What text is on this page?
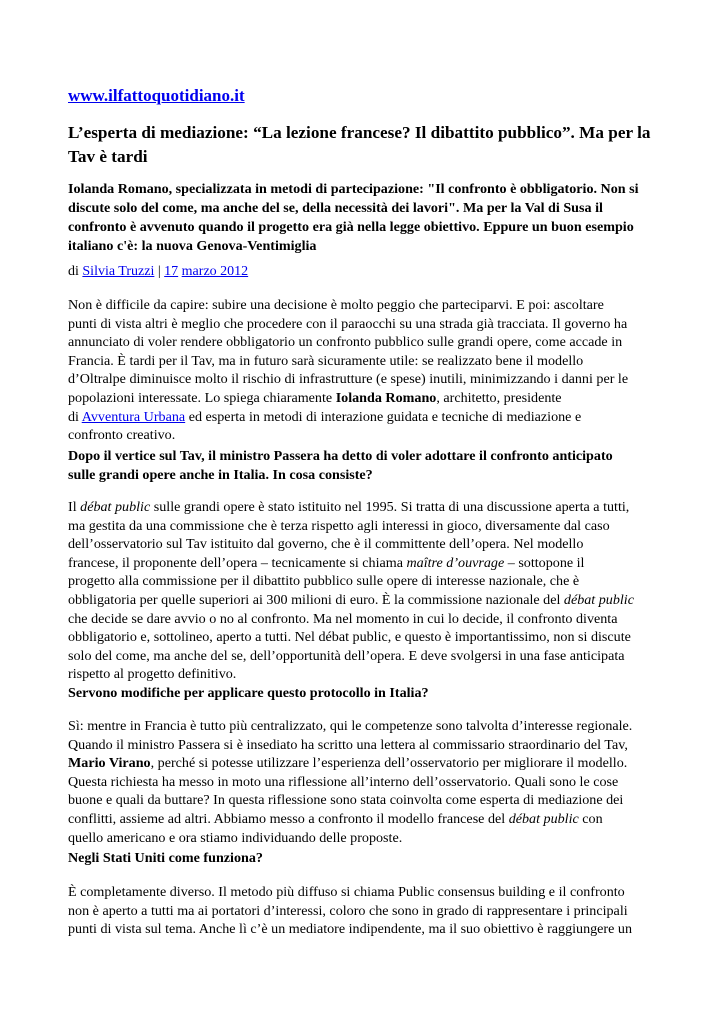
www.ilfattoquotidiano.it
L’esperta di mediazione: “La lezione francese? Il dibattito pubblico”. Ma per la Tav è tardi
Iolanda Romano, specializzata in metodi di partecipazione: "Il confronto è obbligatorio. Non si discute solo del come, ma anche del se, della necessità dei lavori". Ma per la Val di Susa il confronto è avvenuto quando il progetto era già nella legge obiettivo. Eppure un buon esempio italiano c'è: la nuova Genova-Ventimiglia
di Silvia Truzzi | 17 marzo 2012
Non è difficile da capire: subire una decisione è molto peggio che parteciparvi. E poi: ascoltare
punti di vista altri è meglio che procedere con il paraocchi su una strada già tracciata. Il governo ha
annunciato di voler rendere obbligatorio un confronto pubblico sulle grandi opere, come accade in
Francia. È tardi per il Tav, ma in futuro sarà sicuramente utile: se realizzato bene il modello
d’Oltralpe diminuisce molto il rischio di infrastrutture (e spese) inutili, minimizzando i danni per le
popolazioni interessate. Lo spiega chiaramente Iolanda Romano, architetto, presidente
di Avventura Urbana ed esperta in metodi di interazione guidata e tecniche di mediazione e
confronto creativo.
Dopo il vertice sul Tav, il ministro Passera ha detto di voler adottare il confronto anticipato
sulle grandi opere anche in Italia. In cosa consiste?
Il débat public sulle grandi opere è stato istituito nel 1995. Si tratta di una discussione aperta a tutti,
ma gestita da una commissione che è terza rispetto agli interessi in gioco, diversamente dal caso
dell’osservatorio sul Tav istituito dal governo, che è il committente dell’opera. Nel modello
francese, il proponente dell’opera – tecnicamente si chiama maître d’ouvrage – sottopone il
progetto alla commissione per il dibattito pubblico sulle opere di interesse nazionale, che è
obbligatoria per quelle superiori ai 300 milioni di euro. È la commissione nazionale del débat public
che decide se dare avvio o no al confronto. Ma nel momento in cui lo decide, il confronto diventa
obbligatorio e, sottolineo, aperto a tutti. Nel débat public, e questo è importantissimo, non si discute
solo del come, ma anche del se, dell’opportunità dell’opera. E deve svolgersi in una fase anticipata
rispetto al progetto definitivo.
Servono modifiche per applicare questo protocollo in Italia?
Sì: mentre in Francia è tutto più centralizzato, qui le competenze sono talvolta d’interesse regionale.
Quando il ministro Passera si è insediato ha scritto una lettera al commissario straordinario del Tav,
Mario Virano, perché si potesse utilizzare l’esperienza dell’osservatorio per migliorare il modello.
Questa richiesta ha messo in moto una riflessione all’interno dell’osservatorio. Quali sono le cose
buone e quali da buttare? In questa riflessione sono stata coinvolta come esperta di mediazione dei
conflitti, assieme ad altri. Abbiamo messo a confronto il modello francese del débat public con
quello americano e ora stiamo individuando delle proposte.
Negli Stati Uniti come funziona?
È completamente diverso. Il metodo più diffuso si chiama Public consensus building e il confronto
non è aperto a tutti ma ai portatori d’interessi, coloro che sono in grado di rappresentare i principali
punti di vista sul tema. Anche lì c’è un mediatore indipendente, ma il suo obiettivo è raggiungere un
